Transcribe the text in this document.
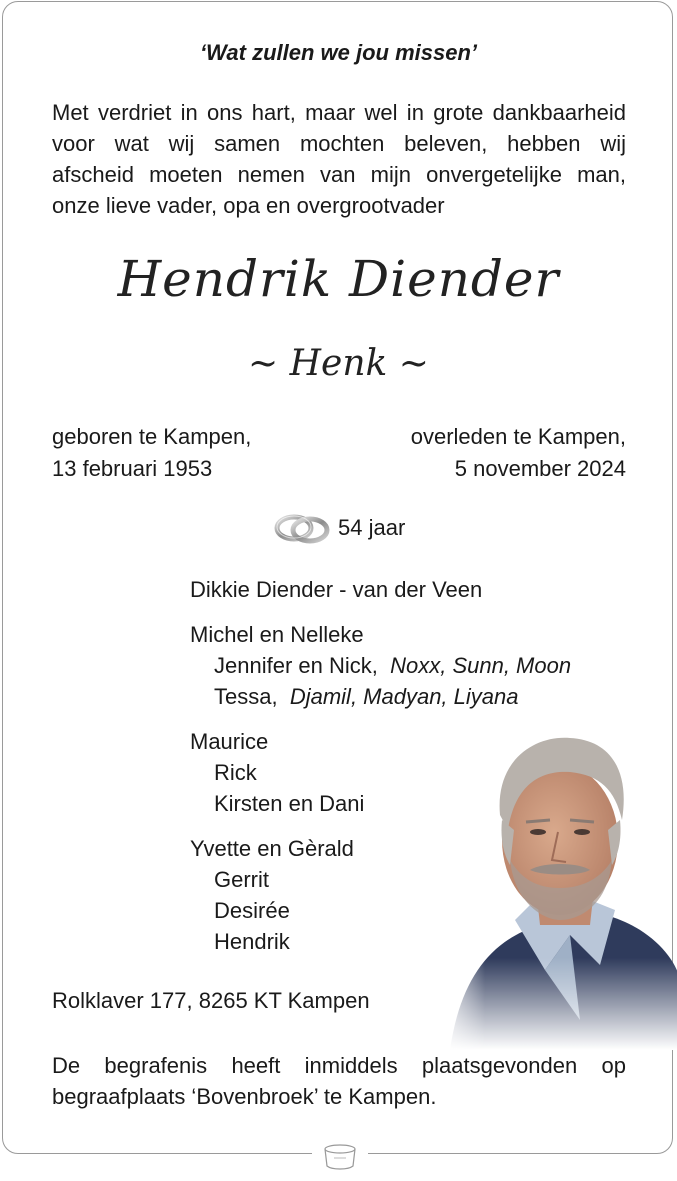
‘Wat zullen we jou missen’
Met verdriet in ons hart, maar wel in grote dankbaarheid
voor wat wij samen mochten beleven, hebben wij
afscheid moeten nemen van mijn onvergetelijke man,
onze lieve vader, opa en overgrootvader
Hendrik Diender
~ Henk ~
geboren te Kampen,
13 februari 1953
overleden te Kampen,
5 november 2024
54 jaar
Dikkie Diender - van der Veen
Michel en Nelleke
Jennifer en Nick, Noxx, Sunn, Moon
Tessa, Djamil, Madyan, Liyana
Maurice
Rick
Kirsten en Dani
Yvette en Gèrald
Gerrit
Desirée
Hendrik
Rolklaver 177, 8265 KT Kampen
De begrafenis heeft inmiddels plaatsgevonden op
begraafplaats ‘Bovenbroek’ te Kampen.
